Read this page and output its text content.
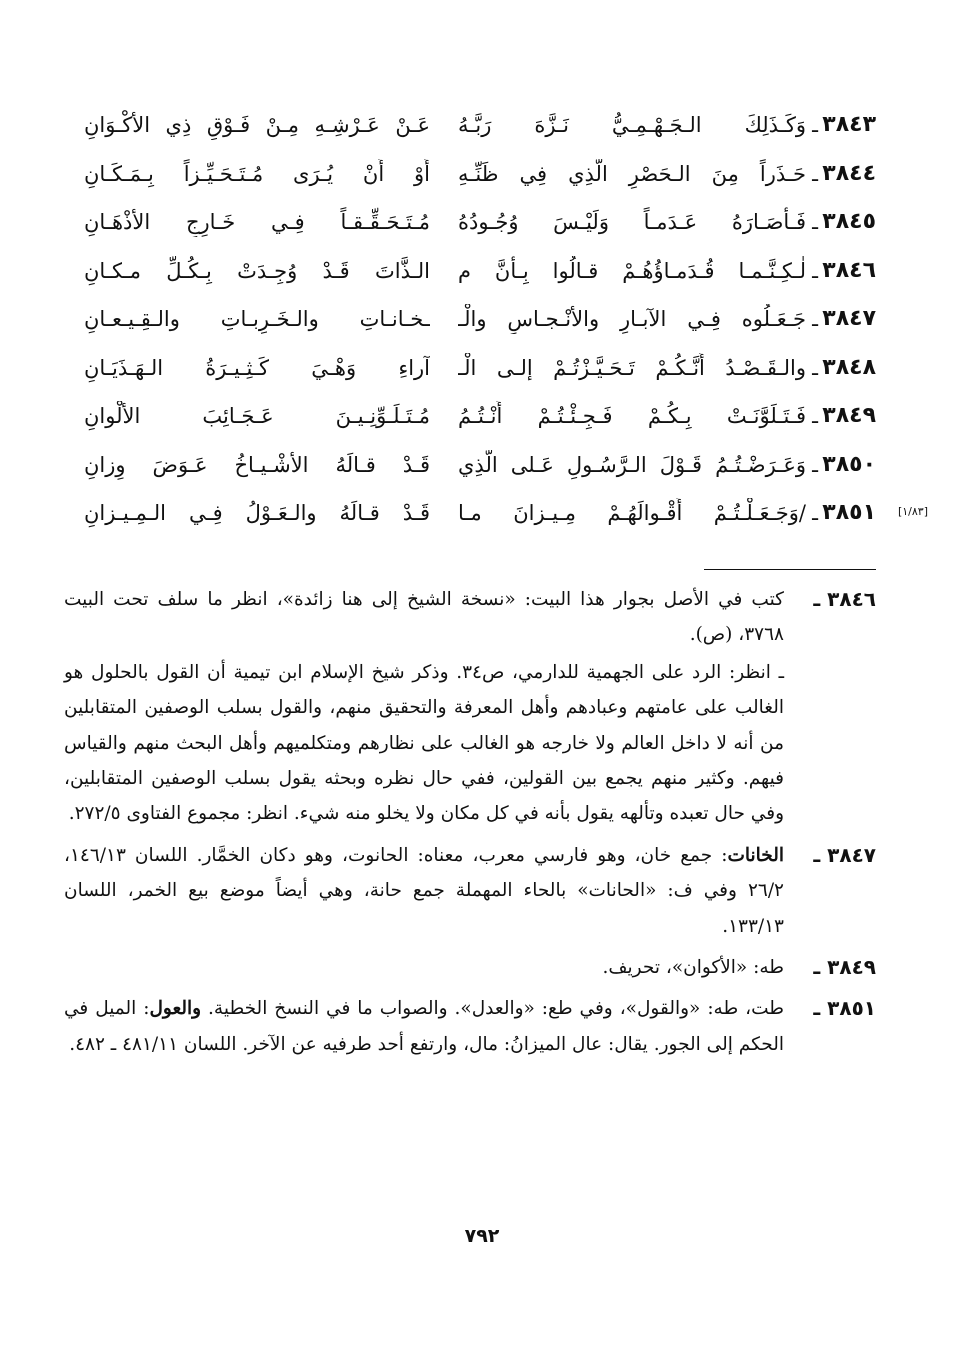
٣٨٤٣
ـ
وَكَـذَلِكَ الـجَـهْـمِـيُّ نَـزَّهَ رَبَّـهُ
عَـنْ عَـرْشِـهِ مِـنْ فَـوْقِ ذِي الأكْـوَانِ
٣٨٤٤
ـ
حَـذَراً مِنَ الـحَصْرِ الَّذِي فِي ظَنِّـهِ
أَوْ أَنْ يُـرَى مُـتَـحَـيِّـزاً بِـمَـكَـانِ
٣٨٤٥
ـ
فَـأَصَـارَهُ عَـدَمـاً وَلَيْـسَ وُجُـودُهُ
مُـتَـحَـقِّـقـاً فِـي خَـارِجِ الأذْهَـانِ
٣٨٤٦
ـ
لٰـكِـنَّـمـا قُـدَمـاؤُهُـمْ قـالُوا بِـأَنَّ م
الـذَّاتَ قَـدْ وُجِـدَتْ بِـكُـلِّ مـكـانِ
٣٨٤٧
ـ
جَـعَـلُوه فِـي الآبـارِ والأنْـجـاسِ والْـ
ـخـانـاتِ والـخَـرِبـاتِ والـقِـيـعـانِ
٣٨٤٨
ـ
والـقَـصْـدُ أَنَّـكُـمْ تَـحَـيَّـزْتُـمْ إلـى الْـ
آراءِ وَهْـيَ كَـثِـيـرَةُ الـهَـذَيَـانِ
٣٨٤٩
ـ
فَـتَـلَوَّنَـتْ بِـكُـمْ فَـجِـئْـتُـمْ أَنْـتُـمُ
مُـتَـلَـوِّنِـيـنَ عَـجَـائِبَ الألْوانِ
٣٨٥٠
ـ
وَعَـرَضْـتُـمُ قَـوْلَ الـرَّسُـولِ عَـلى الَّذِي
قَـدْ قـالَهُ الأشْـيـاخُ عَـوَضَ وِزانِ
[١/٨٣]
٣٨٥١
ـ
/وَجَـعَـلْـتُـمْ أَقْـوالَهُـمْ مِـيـزانَ مـا
قَـدْ قـالَهُ والـعَـوْلُ فِـي الـمِـيـزانِ
٣٨٤٦ ـ

كتب في الأصل بجوار هذا البيت: «نسخة الشيخ إلى هنا زائدة»، انظر ما سلف تحت البيت ٣٧٦٨، (ص).

ـ انظر: الرد على الجهمية للدارمي، ص٣٤. وذكر شيخ الإسلام ابن تيمية أن القول بالحلول هو الغالب على عامتهم وعبادهم وأهل المعرفة والتحقيق منهم، والقول بسلب الوصفين المتقابلين من أنه لا داخل العالم ولا خارجه هو الغالب على نظارهم ومتكلميهم وأهل البحث منهم والقياس فيهم. وكثير منهم يجمع بين القولين، ففي حال نظره وبحثه يقول بسلب الوصفين المتقابلين، وفي حال تعبده وتألهه يقول بأنه في كل مكان ولا يخلو منه شيء. انظر: مجموع الفتاوى ٢٧٢/٥.

٣٨٤٧ ـ

الخانات: جمع خان، وهو فارسي معرب، معناه: الحانوت، وهو دكان الخمَّار. اللسان ١٤٦/١٣، ٢٦/٢ وفي ف: «الحانات» بالحاء المهملة جمع حانة، وهي أيضاً موضع بيع الخمر، اللسان ١٣٣/١٣.

٣٨٤٩ ـ

طه: «الأكوان»، تحريف.

٣٨٥١ ـ

طت، طه: «والقول»، وفي طع: «والعدل». والصواب ما في النسخ الخطية. والعول: الميل في الحكم إلى الجور. يقال: عال الميزانُ: مال، وارتفع أحد طرفيه عن الآخر. اللسان ٤٨١/١١ ـ ٤٨٢.

٧٩٢
